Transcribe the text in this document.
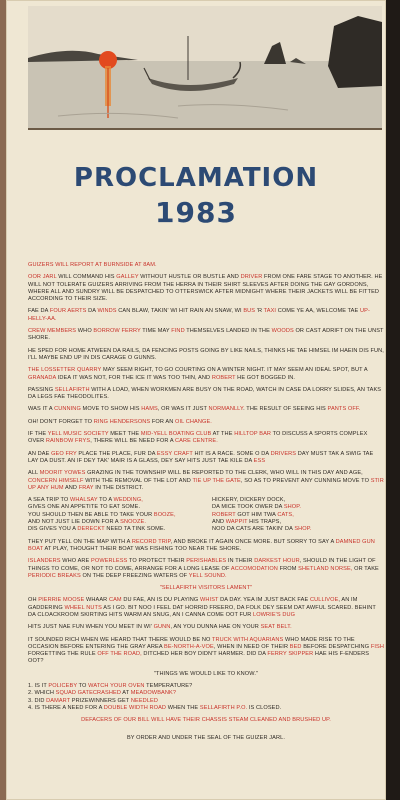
PROCLAMATION
1983

GUIZERS WILL REPORT AT BURNSIDE AT 8AM.

OOR JARL WILL COMMAND HIS GALLEY WITHOUT HUSTLE OR BUSTLE AND DRIVER FROM ONE FARE STAGE TO ANOTHER. HE WILL NOT TOLERATE GUIZERS ARRIVING FROM THE HERRA IN THEIR SHIRT SLEEVES AFTER DOING THE GAY GORDONS, WHERE ALL AND SUNDRY WILL BE DESPATCHED TO OTTERSWICK AFTER MIDNIGHT WHERE THEIR JACKETS WILL BE FITTED ACCORDING TO THEIR SIZE.

FAE DA FOUR AERTS DA WINDS CAN BLAW, TAKIN' WI HIT RAIN AN SNAW, WI BUS 'R TAXI COME YE AA, WELCOME TAE UP-HELLY-AA.

CREW MEMBERS WHO BORROW FERRY TIME MAY FIND THEMSELVES LANDED IN THE WOODS OR CAST ADRIFT ON THE UNST SHORE.

HE SPED FOR HOME ATWEEN DA RAILS, DA FENCING POSTS GOING BY LIKE NAILS, THINKS HE TAE HIMSEL IM HAEIN DIS FUN, I'LL MAYBE END UP IN DIS CARAGE O GUNNS.

THE LOSSETTER QUARRY MAY SEEM RIGHT, TO GO COURTING ON A WINTER NIGHT. IT MAY SEEM AN IDEAL SPOT, BUT A GRANADA IDEA IT WAS NOT, FOR THE ICE IT WAS TOO THIN, AND ROBERT HE GOT BOGGED IN.

PASSING SELLAFIRTH WITH A LOAD, WHEN WORKMEN ARE BUSY ON THE ROAD, WATCH IN CASE DA LORRY SLIDES, AN TAKS DA LEGS FAE THEODOLITES.

WAS IT A CUNNING MOVE TO SHOW HIS HAMS, OR WAS IT JUST NORMANLLY. THE RESULT OF SEEING HIS PANTS OFF.

OH! DON'T FORGET TO RING HENDERSONS FOR AN OIL CHANGE.

IF THE YELL MUSIC SOCIETY MEET THE MID-YELL BOATING CLUB AT THE HILLTOP BAR TO DISCUSS A SPORTS COMPLEX OVER RAINBOW FRYS, THERE WILL BE NEED FOR A CARE CENTRE.

AN DAE GEO FRY PLACE THE PLACE, FUR DA ESSY CRAFT HIT IS A RACE. SOME O DA DRIVERS DAY MUST TAK A SWIG TAE LAY DA DUST. AN IF DEY TAK' MAIR IS A GLASS, DEY SAY HITS JUST TAE KILE DA ESS

ALL MOORIT YOWES GRAZING IN THE TOWNSHIP WILL BE REPORTED TO THE CLERK, WHO WILL IN THIS DAY AND AGE, CONCERN HIMSELF WITH THE REMOVAL OF THE LOT AND TIE UP THE GATE, SO AS TO PREVENT ANY CUNNING MOVE TO STIR UP ANY HUM AND FRAY IN THE DISTRICT.

A SEA TRIP TO WHALSAY TO A WEDDING,
GIVES ONE AN APPETITE TO EAT SOME.
YOU SHOULD THEN BE ABLE TO TAKE YOUR BOOZE,
AND NOT JUST LIE DOWN FOR A SNOOZE.
DIS GIVES YOU A DERECKT NEED TA TINK SOME.
HICKERY, DICKERY DOCK,
DA MICE TOOK OWER DA SHOP.
ROBERT GOT HIM TWA CATS,
AND WAPPIT HIS TRAPS,
NOO DA CATS ARE TAKIN' DA SHOP.

THEY PUT YELL ON THE MAP WITH A RECORD TRIP, AND BROKE IT AGAIN ONCE MORE. BUT SORRY TO SAY A DAMNED GUN BOAT AT PLAY, THOUGHT THEIR BOAT WAS FISHING TOO NEAR THE SHORE.

ISLANDERS WHO ARE POWERLESS TO PROTECT THEIR PERISHABLES IN THEIR DARKEST HOUR, SHOULD IN THE LIGHT OF THINGS TO COME, OR NOT TO COME, ARRANGE FOR A LONG LEASE OF ACCOMODATION FROM SHETLAND NORSE, OR TAKE PERIODIC BREAKS ON THE DEEP FREEZING WATERS OF YELL SOUND.

"SELLAFIRTH VISITORS LAMENT"

OH PIERRIE MOOSE WHAAR CAM DU FAE, AN IS DU PLAYING WHIST DA DAY. YEA IM JUST BACK FAE CULLIVOE, AN IM GADDERING WHEEL NUTS AS I GO. BIT NOO I FEEL DAT HORRID FREERO, DA FOLK DEY SEEM DAT AWFUL SCARED. BEHINT DA CLOACKROOM SKIRTING HITS WARM AN SNUG, AN I CANNA COME OOT FUR LOWRIE'S DUG

HITS JUST NAE FUN WHEN YOU MEET IN WI' GUNN, AN YOU DUNNA HAE ON YOUR SEAT BELT.

IT SOUNDED RICH WHEN WE HEARD THAT THERE WOULD BE NO TRUCK WITH AQUARIANS WHO MADE RISE TO THE OCCASION BEFORE ENTERING THE GRAY AREA BE-NORTH-A-VOE, WHEN IN NEED OF THEIR BED BEFORE DESPATCHING FISH FORGETTING THE RULE OFF THE ROAD, DITCHED HER BOY DIDN'T HARMER. DID DA FERRY SKIPPER HAE HIS F-ENDERS OOT?

"THINGS WE WOULD LIKE TO KNOW."

1. IS IT POLICEBY TO WATCH YOUR OVEN TEMPERATURE?
2. WHICH SQUAD GATECRASHED AT MEADOWBANK?
3. DID DAMART PRIZEWINNERS GET NEEDLED
4. IS THERE A NEED FOR A DOUBLE WIDTH ROAD WHEN THE SELLAFIRTH P.O. IS CLOSED.
DEFACERS OF OUR BILL WILL HAVE THEIR CHASSIS STEAM CLEANED AND BRUSHED UP.

BY ORDER AND UNDER THE SEAL OF THE GUIZER JARL.
